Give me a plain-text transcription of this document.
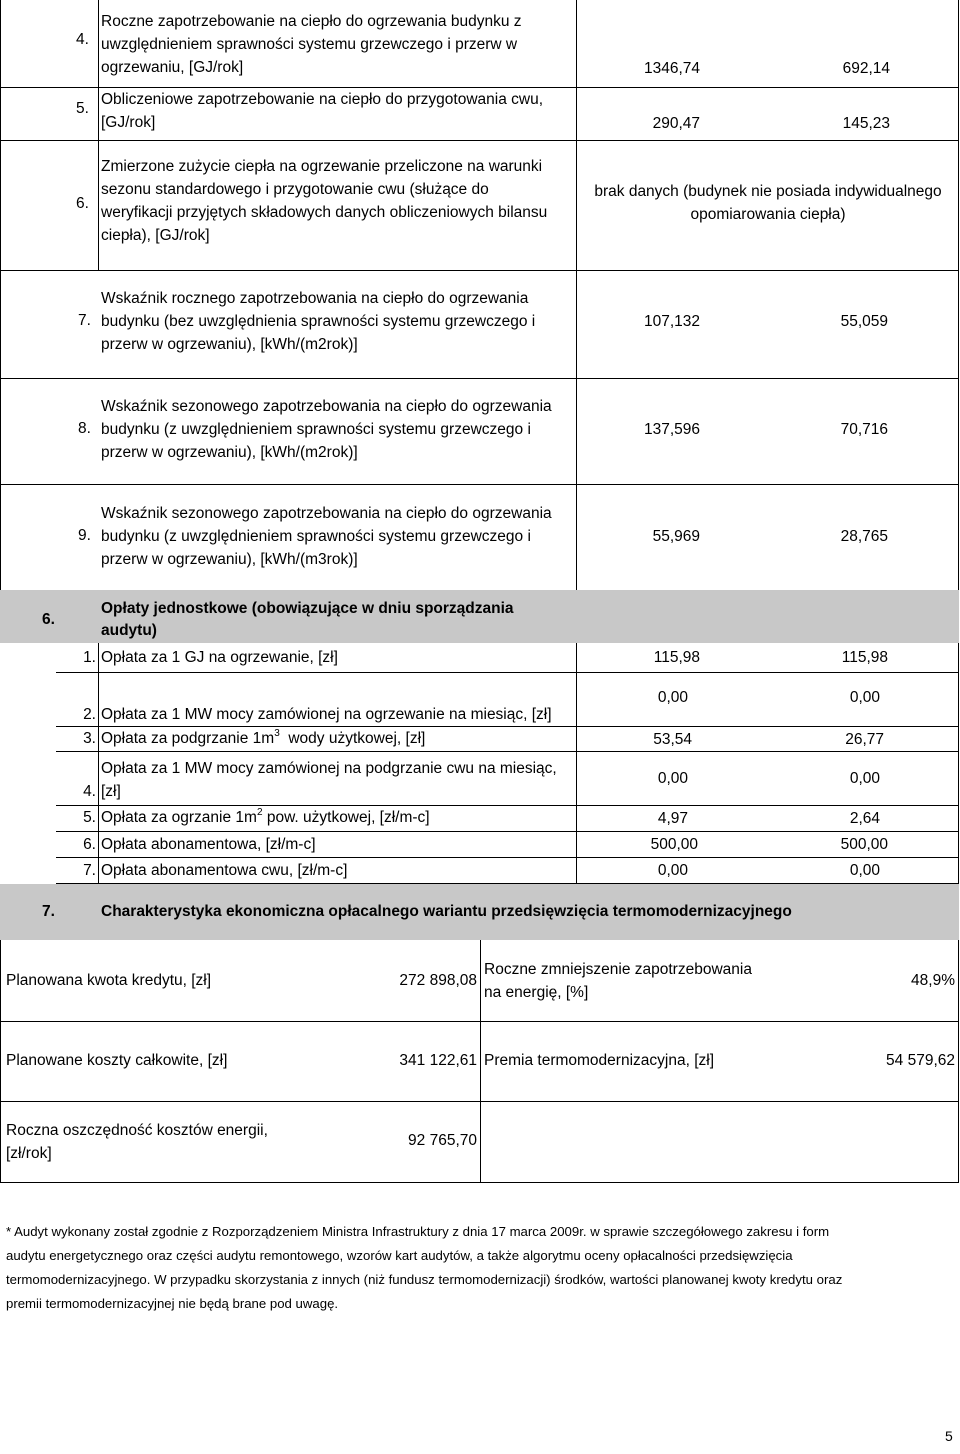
4.
Roczne zapotrzebowanie na ciepło do ogrzewania budynku z
uwzględnieniem sprawności systemu grzewczego i przerw w
ogrzewaniu, [GJ/rok]	1346,74	692,14
5.
Obliczeniowe zapotrzebowanie na ciepło do przygotowania cwu,
[GJ/rok]	290,47	145,23
6.
Zmierzone zużycie ciepła na ogrzewanie przeliczone na warunki
sezonu standardowego i przygotowanie cwu (służące do
weryfikacji przyjętych składowych danych obliczeniowych bilansu
ciepła), [GJ/rok]
brak danych (budynek nie posiada indywidualnego
opomiarowania ciepła)
7.
Wskaźnik rocznego zapotrzebowania na ciepło do ogrzewania
budynku (bez uwzględnienia sprawności systemu grzewczego i
przerw w ogrzewaniu), [kWh/(m2rok)]
107,132	55,059
8.
Wskaźnik sezonowego zapotrzebowania na ciepło do ogrzewania
budynku (z uwzględnieniem sprawności systemu grzewczego i
przerw w ogrzewaniu), [kWh/(m2rok)]
137,596	70,716
9.
Wskaźnik sezonowego zapotrzebowania na ciepło do ogrzewania
budynku (z uwzględnieniem sprawności systemu grzewczego i
przerw w ogrzewaniu), [kWh/(m3rok)]
55,969	28,765
6.
Opłaty jednostkowe (obowiązujące w dniu sporządzania
audytu)
1. Opłata za 1 GJ na ogrzewanie, [zł]	115,98	115,98
2. Opłata za 1 MW mocy zamówionej na ogrzewanie na miesiąc, [zł]
0,00	0,00
3. Opłata za podgrzanie $1m^3$  wody użytkowej, [zł]	53,54	26,77
4.
Opłata za 1 MW mocy zamówionej na podgrzanie cwu na miesiąc,
[zł]
0,00	0,00
5. Opłata za ogrzanie $1m^2$ pow. użytkowej, [zł/m-c]	4,97	2,64
6. Opłata abonamentowa, [zł/m-c]	500,00	500,00
7. Opłata abonamentowa cwu, [zł/m-c]	0,00	0,00
7.	Charakterystyka ekonomiczna opłacalnego wariantu przedsięwzięcia termomodernizacyjnego
Planowana kwota kredytu, [zł]	272 898,08
Roczne zmniejszenie zapotrzebowania
na energię, [%]
48,9%
Planowane koszty całkowite, [zł]	341 122,61 Premia termomodernizacyjna, [zł]	54 579,62
Roczna oszczędność kosztów energii,
[zł/rok]
92 765,70
* Audyt wykonany został zgodnie z Rozporządzeniem Ministra Infrastruktury z dnia 17 marca 2009r. w sprawie szczegółowego zakresu i form
audytu energetycznego oraz części audytu remontowego, wzorów kart audytów, a także algorytmu oceny opłacalności przedsięwzięcia
termomodernizacyjnego. W przypadku skorzystania z innych (niż fundusz termomodernizacji) środków, wartości planowanej kwoty kredytu oraz
premii termomodernizacyjnej nie będą brane pod uwagę.
5
